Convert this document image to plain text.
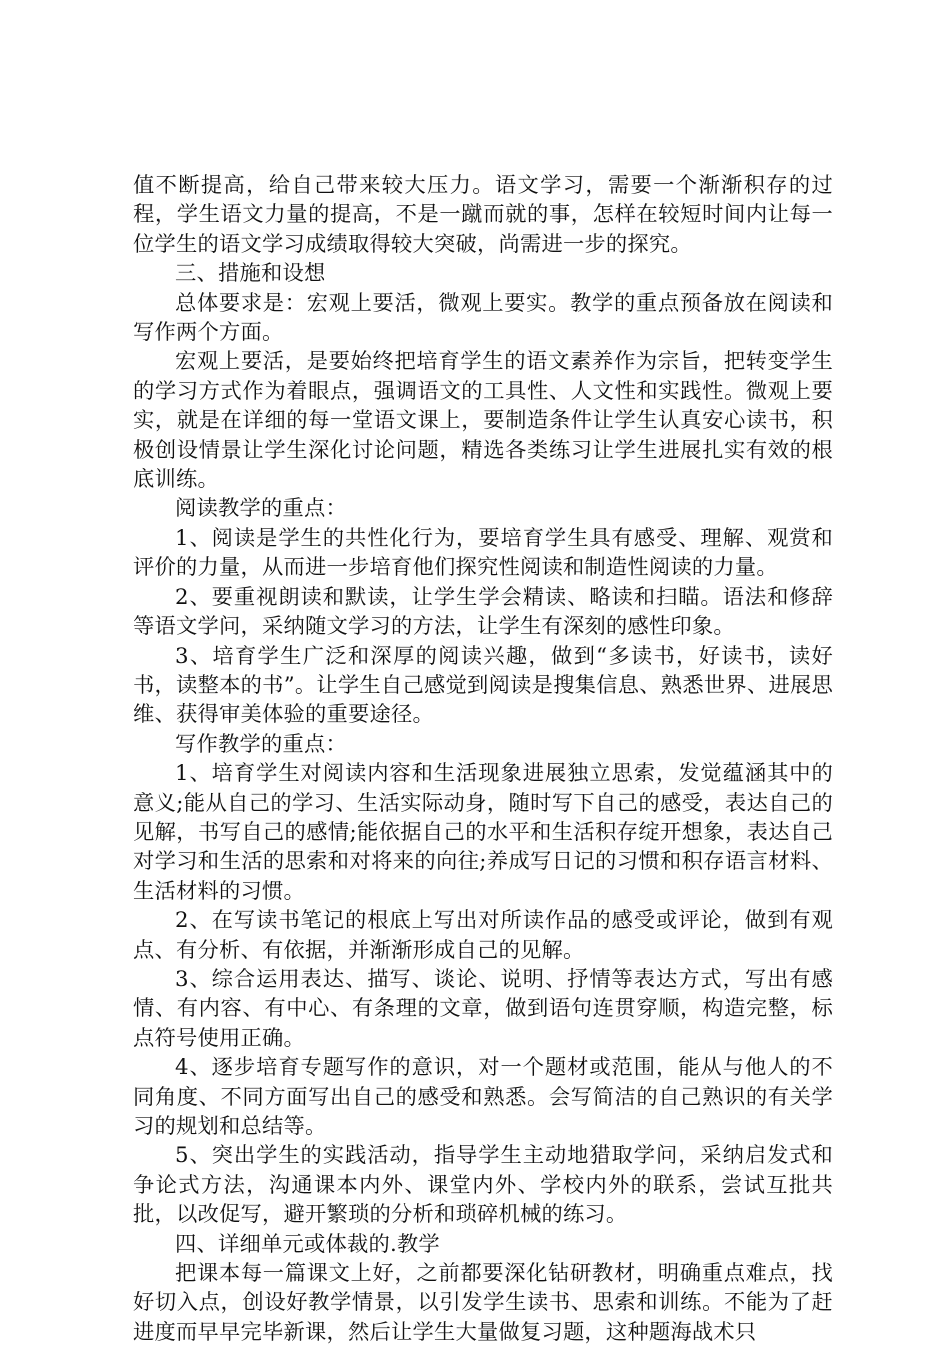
值不断提高，给自己带来较大压力。语文学习，需要一个渐渐积存的过程，学生语文力量的提高，不是一蹴而就的事，怎样在较短时间内让每一位学生的语文学习成绩取得较大突破，尚需进一步的探究。

三、措施和设想

总体要求是：宏观上要活，微观上要实。教学的重点预备放在阅读和写作两个方面。

宏观上要活，是要始终把培育学生的语文素养作为宗旨，把转变学生的学习方式作为着眼点，强调语文的工具性、人文性和实践性。微观上要实，就是在详细的每一堂语文课上，要制造条件让学生认真安心读书，积极创设情景让学生深化讨论问题，精选各类练习让学生进展扎实有效的根底训练。

阅读教学的重点：

1、阅读是学生的共性化行为，要培育学生具有感受、理解、观赏和评价的力量，从而进一步培育他们探究性阅读和制造性阅读的力量。

2、要重视朗读和默读，让学生学会精读、略读和扫瞄。语法和修辞等语文学问，采纳随文学习的方法，让学生有深刻的感性印象。

3、培育学生广泛和深厚的阅读兴趣，做到“多读书，好读书，读好书，读整本的书”。让学生自己感觉到阅读是搜集信息、熟悉世界、进展思维、获得审美体验的重要途径。

写作教学的重点：

1、培育学生对阅读内容和生活现象进展独立思索，发觉蕴涵其中的意义;能从自己的学习、生活实际动身，随时写下自己的感受，表达自己的见解，书写自己的感情;能依据自己的水平和生活积存绽开想象，表达自己对学习和生活的思索和对将来的向往;养成写日记的习惯和积存语言材料、生活材料的习惯。

2、在写读书笔记的根底上写出对所读作品的感受或评论，做到有观点、有分析、有依据，并渐渐形成自己的见解。

3、综合运用表达、描写、谈论、说明、抒情等表达方式，写出有感情、有内容、有中心、有条理的文章，做到语句连贯穿顺，构造完整，标点符号使用正确。

4、逐步培育专题写作的意识，对一个题材或范围，能从与他人的不同角度、不同方面写出自己的感受和熟悉。会写简洁的自己熟识的有关学习的规划和总结等。

5、突出学生的实践活动，指导学生主动地猎取学问，采纳启发式和争论式方法，沟通课本内外、课堂内外、学校内外的联系，尝试互批共批，以改促写，避开繁琐的分析和琐碎机械的练习。

四、详细单元或体裁的.教学

把课本每一篇课文上好，之前都要深化钻研教材，明确重点难点，找好切入点，创设好教学情景，以引发学生读书、思索和训练。不能为了赶进度而早早完毕新课，然后让学生大量做复习题，这种题海战术只
